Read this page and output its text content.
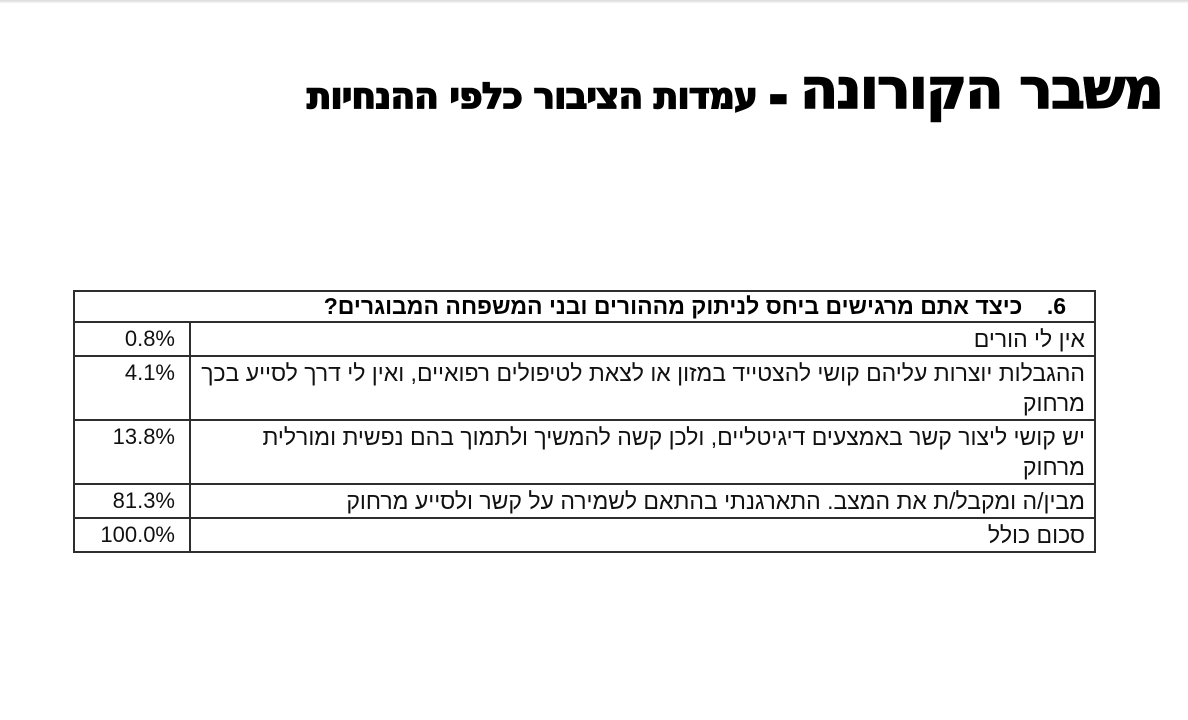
משבר הקורונה
–
עמדות הציבור כלפי ההנחיות
6. כיצד אתם מרגישים ביחס לניתוק מההורים ובני המשפחה המבוגרים?	
אין לי הורים	0.8%
ההגבלות יוצרות עליהם קושי להצטייד במזון או לצאת לטיפולים רפואיים, ואין לי דרך לסייע בכך מרחוק	4.1%
יש קושי ליצור קשר באמצעים דיגיטליים, ולכן קשה להמשיך ולתמוך בהם נפשית ומורלית מרחוק	13.8%
מבין/ה ומקבל/ת את המצב. התארגנתי בהתאם לשמירה על קשר ולסייע מרחוק	81.3%
סכום כולל	100.0%
